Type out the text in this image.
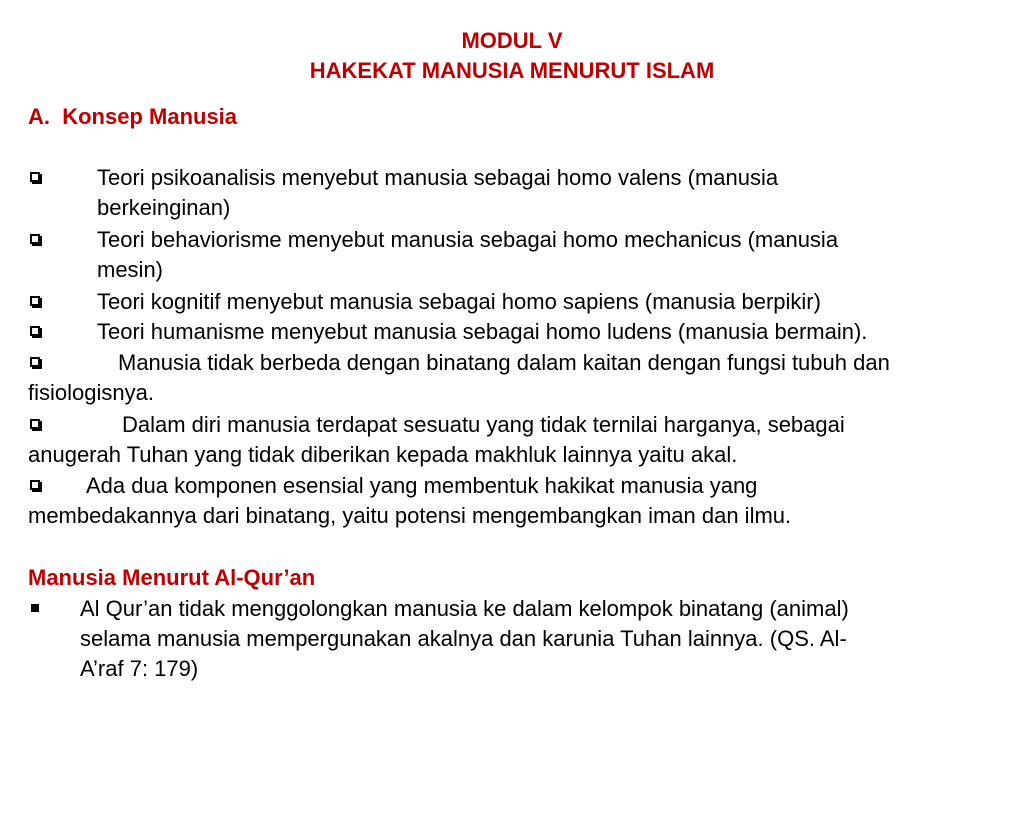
MODUL V
HAKEKAT MANUSIA MENURUT ISLAM
A.  Konsep Manusia
Teori psikoanalisis menyebut manusia sebagai homo valens (manusia
berkeinginan)
Teori behaviorisme menyebut manusia sebagai homo mechanicus (manusia
mesin)
Teori kognitif menyebut manusia sebagai homo sapiens (manusia berpikir)
Teori humanisme menyebut manusia sebagai homo ludens (manusia bermain).
Manusia tidak berbeda dengan binatang dalam kaitan dengan fungsi tubuh dan
fisiologisnya.
Dalam diri manusia terdapat sesuatu yang tidak ternilai harganya, sebagai
anugerah Tuhan yang tidak diberikan kepada makhluk lainnya yaitu akal.
Ada dua komponen esensial yang membentuk hakikat manusia yang
membedakannya dari binatang, yaitu potensi mengembangkan iman dan ilmu.
Manusia Menurut Al-Qur’an
Al Qur’an tidak menggolongkan manusia ke dalam kelompok binatang (animal)
selama manusia mempergunakan akalnya dan karunia Tuhan lainnya. (QS. Al-
A’raf 7: 179)
